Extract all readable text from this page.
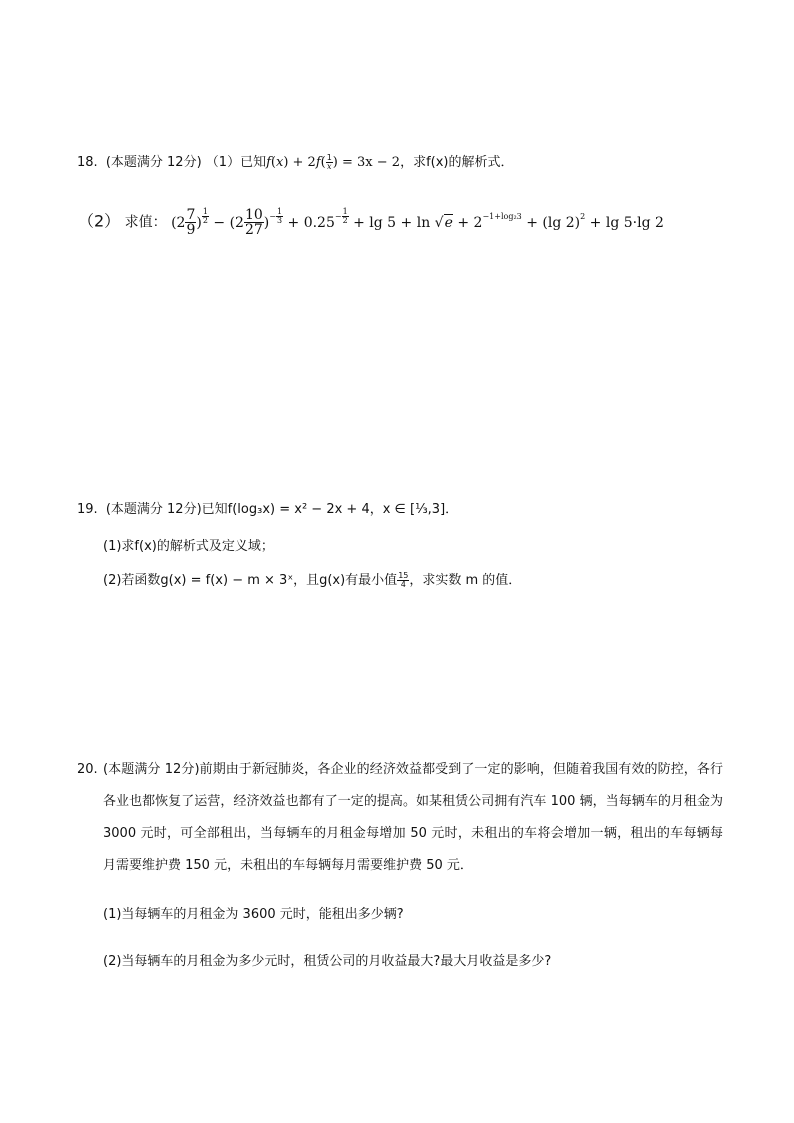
18. (本题满分 12分) （1）已知$f(x) + 2f( \frac{1}{x}$ ) = 3x − 2，求f(x)的解析式．
（2） 求值： ($2 \frac{7}{9}$ ) $^{\frac{1}{2}} - (2 \frac{10}{27} )^{- \frac{1}{3}} + 0.25^{- \frac{1}{2}} + \lg 5 + \ln √e + 2^{-1+log_23} + (\lg$ 2)$^2$ + lg 5·lg 2
19. (本题满分 12分)已知f(log₃x) = x² − 2x + 4，x ∈ [⅓,3]．
(1)求f(x)的解析式及定义域；
(2)若函数g(x) = f(x) − m × 3ˣ，且g(x)有最小值 $\frac{15}{4}$ ，求实数 m 的值．
20. (本题满分 12分)前期由于新冠肺炎，各企业的经济效益都受到了一定的影响，但随着我国有效的防控，各行各业也都恢复了运营，经济效益也都有了一定的提高。如某租赁公司拥有汽车 100 辆，当每辆车的月租金为 3000 元时，可全部租出，当每辆车的月租金每增加 50 元时，未租出的车将会增加一辆，租出的车每辆每月需要维护费 150 元，未租出的车每辆每月需要维护费 50 元．
(1)当每辆车的月租金为 3600 元时，能租出多少辆?
(2)当每辆车的月租金为多少元时，租赁公司的月收益最大?最大月收益是多少?
